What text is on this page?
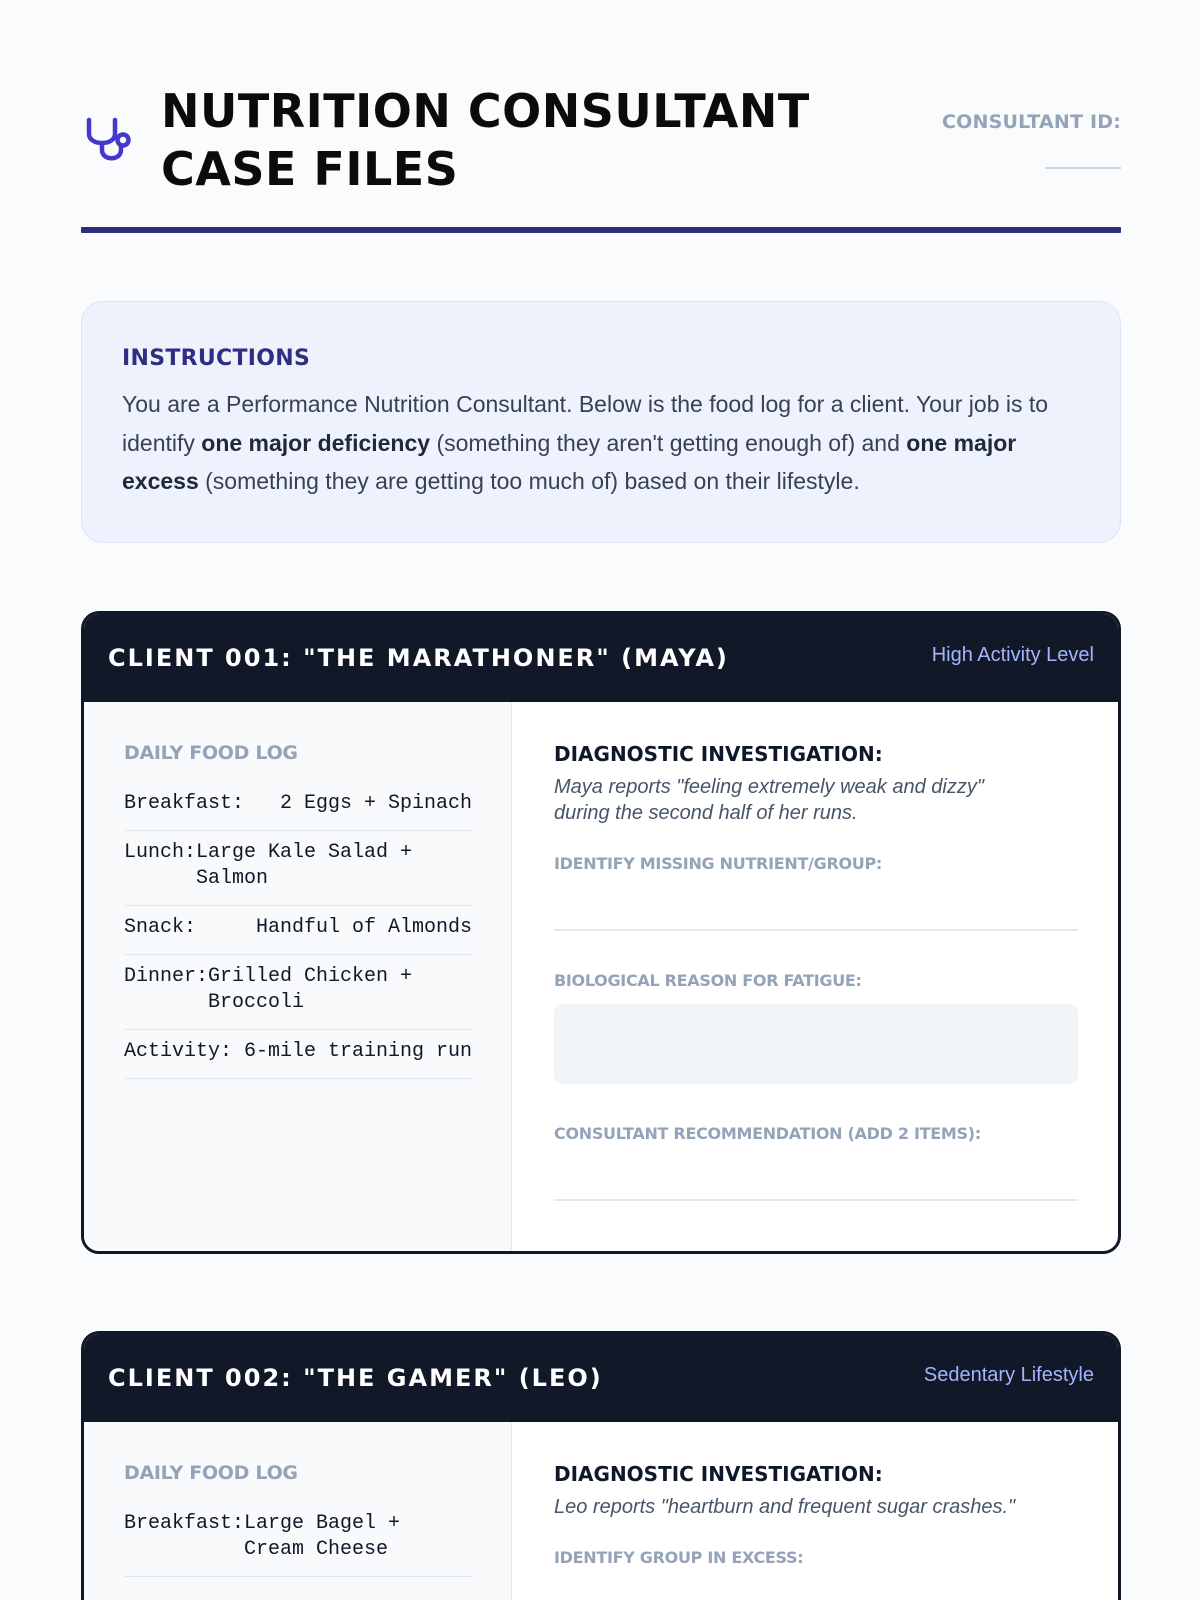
NUTRITION CONSULTANT CASE FILES
CONSULTANT ID:
INSTRUCTIONS
You are a Performance Nutrition Consultant. Below is the food log for a client. Your job is to identify one major deficiency (something they aren't getting enough of) and one major excess (something they are getting too much of) based on their lifestyle.
CLIENT 001: "THE MARATHONER" (MAYA)	High Activity Level
DAILY FOOD LOG
Breakfast:	2 Eggs + Spinach
Lunch: Large Kale Salad + Salmon
Snack:	Handful of Almonds
Dinner: Grilled Chicken + Broccoli
Activity: 6-mile training run
DIAGNOSTIC INVESTIGATION:
Maya reports "feeling extremely weak and dizzy" during the second half of her runs.
IDENTIFY MISSING NUTRIENT/GROUP:
BIOLOGICAL REASON FOR FATIGUE:
CONSULTANT RECOMMENDATION (ADD 2 ITEMS):
CLIENT 002: "THE GAMER" (LEO)	Sedentary Lifestyle
DAILY FOOD LOG
Breakfast: Large Bagel + Cream Cheese
DIAGNOSTIC INVESTIGATION:
Leo reports "heartburn and frequent sugar crashes."
IDENTIFY GROUP IN EXCESS:
